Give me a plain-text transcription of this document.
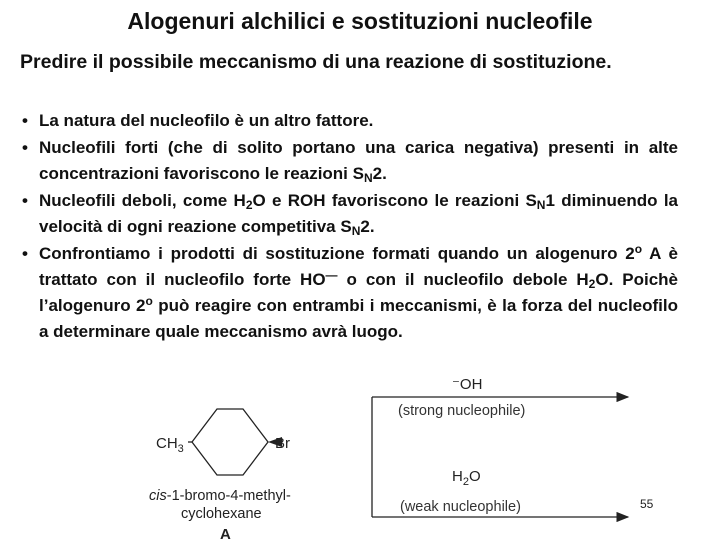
Alogenuri alchilici e sostituzioni nucleofile

Predire il possibile meccanismo di una reazione di sostituzione.

• La natura del nucleofilo è un altro fattore.
• Nucleofili forti (che di solito portano una carica negativa) presenti in alte concentrazioni favoriscono le reazioni $S_N2$.
• Nucleofili deboli, come $H_2O$ e ROH favoriscono le reazioni $S_N1$ diminuendo la velocità di ogni reazione competitiva $S_N2$.
• Confrontiamo i prodotti di sostituzione formati quando un alogenuro 2$^o$ A è trattato con il nucleofilo forte HO— o con il nucleofilo debole $H_2O$. Poichè l’alogenuro 2$^o$ può reagire con entrambi i meccanismi, è la forza del nucleofilo a determinare quale meccanismo avrà luogo.
⁻OH
(strong nucleophile)
$H_2O$
(weak nucleophile)
$CH_3$	Br
cis-1-bromo-4-methyl-
cyclohexane
A
55
